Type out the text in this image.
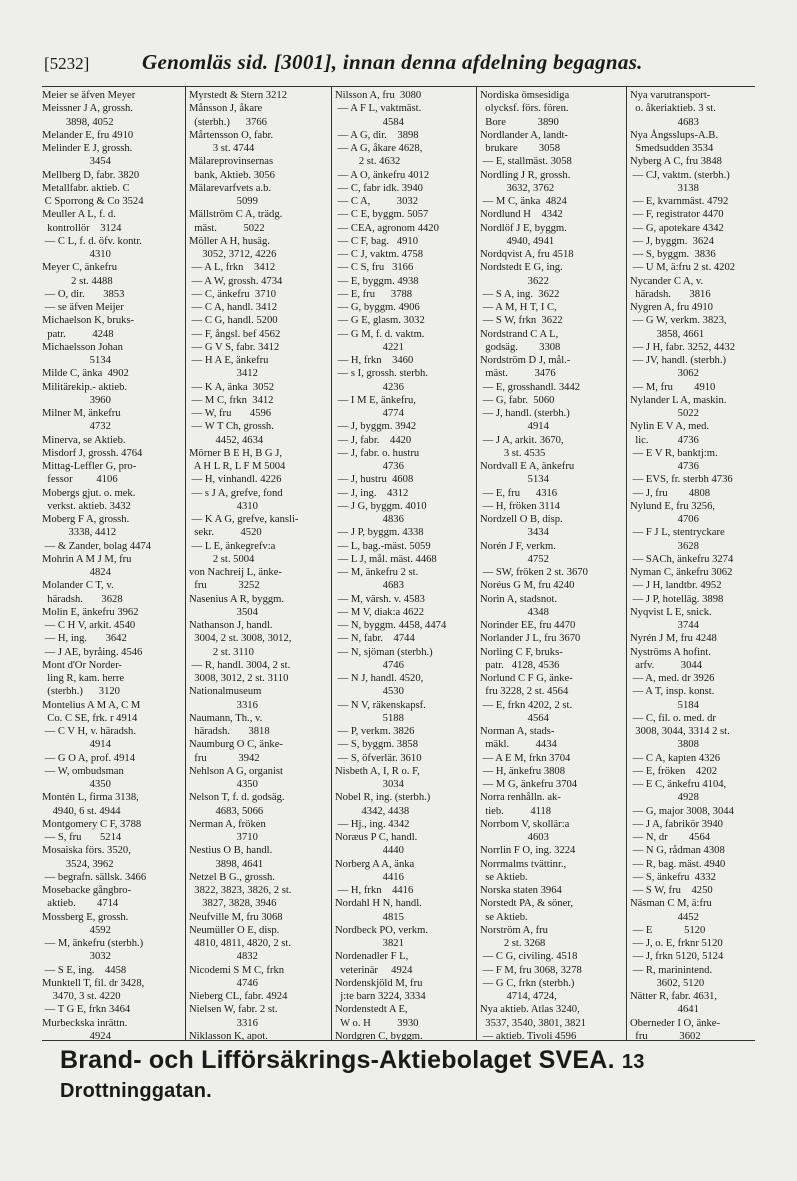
[5232]	Genomläs sid. [3001], innan denna afdelning begagnas.
Meier se äfven Meyer
Meissner J A, grossh.
3898, 4052
Melander E, fru 4910
Melinder E J, grossh.
3454
Mellberg D, fabr. 3820
Metallfabr. aktieb. C
C Sporrong & Co 3524
Meuller A L, f. d.
kontrollör    3124
— C L, f. d. öfv. kontr.
4310
Meyer C, änkefru
2 st. 4488
— O, dir.       3853
— se äfven Meijer
Michaelson K, bruks-
patr.          4248
Michaelsson Johan
5134
Milde C, änka  4902
Militärekip.- aktieb.
3960
Milner M, änkefru
4732
Minerva, se Aktieb.
Misdorf J, grossh. 4764
Mittag-Leffler G, pro-
fessor         4106
Mobergs gjut. o. mek.
verkst. aktieb. 3432
Moberg F A, grossh.
3338, 4412
— & Zander, bolag 4474
Mohrin A M J M, fru
4824
Molander C T, v.
häradsh.       3628
Molin E, änkefru 3962
— C H V, arkit. 4540
— H, ing.       3642
— J AE, byråing. 4546
Mont d'Or Norder-
ling R, kam. herre
(sterbh.)      3120
Montelius A M A, C M
Co. C SE, frk. r 4914
— C V H, v. häradsh.
4914
— G O A, prof. 4914
— W, ombudsman
4350
Montén L, firma 3138,
4940, 6 st. 4944
Montgomery C F, 3788
— S, fru       5214
Mosaiska förs. 3520,
3524, 3962
— begrafn. sällsk. 3466
Mosebacke gångbro-
aktieb.        4714
Mossberg E, grossh.
4592
— M, änkefru (sterbh.)
3032
— S E, ing.    4458
Munktell T, fil. dr 3428,
3470, 3 st. 4220
— T G E, frkn 3464
Murbeckska inrättn.
4924
Myrstedt & Stern 3212
Månsson J, åkare
(sterbh.)      3766
Mårtensson O, fabr.
3 st. 4744
Mälareprovinsernas
bank, Aktieb. 3056
Mälarevarfvets a.b.
5099
Mällström C A, trädg.
mäst.          5022
Möller A H, husäg.
3052, 3712, 4226
— A L, frkn    3412
— A W, grossh. 4734
— C, änkefru  3710
— C A, handl. 3412
— C G, handl. 5200
— F, ångsl. bef 4562
— G V S, fabr. 3412
— H A E, änkefru
3412
— K A, änka  3052
— M C, frkn  3412
— W, fru       4596
— W T Ch, grossh.
4452, 4634
Mörner B E H, B G J,
A H L R, L F M 5004
— H, vinhandl. 4226
— s J A, grefve, fond
4310
— K A G, grefve, kansli-
sekr.          4520
— L E, änkegrefv:a
2 st. 5004
von Nachreij L, änke-
fru            3252
Nasenius A R, byggm.
3504
Nathanson J, handl.
3004, 2 st. 3008, 3012,
2 st. 3110
— R, handl. 3004, 2 st.
3008, 3012, 2 st. 3110
Nationalmuseum
3316
Naumann, Th., v.
häradsh.       3818
Naumburg O C, änke-
fru            3942
Nehlson A G, organist
4350
Nelson T, f. d. godsäg.
4683, 5066
Nerman A, fröken
3710
Nestius O B, handl.
3898, 4641
Netzel B G., grossh.
3822, 3823, 3826, 2 st.
3827, 3828, 3946
Neufville M, fru 3068
Neumüller O E, disp.
4810, 4811, 4820, 2 st.
4832
Nicodemi S M C, frkn
4746
Nieberg CL, fabr. 4924
Nielsen W, fabr. 2 st.
3316
Niklasson K, apot.
Nilsson A, fru  3080
— A F L, vaktmäst.
4584
— A G, dir.    3898
— A G, åkare 4628,
2 st. 4632
— A O, änkefru 4012
— C, fabr idk. 3940
— C A,          3032
— C E, byggm. 5057
— CEA, agronom 4420
— C F, bag.   4910
— C J, vaktm. 4758
— C S, fru   3166
— E, byggm. 4938
— E, fru      3788
— G, byggm. 4906
— G E, glasm. 3032
— G M, f. d. vaktm.
4221
— H, frkn    3460
— s I, grossh. sterbh.
4236
— I M E, änkefru,
4774
— J, byggm. 3942
— J, fabr.    4420
— J, fabr. o. hustru
4736
— J, hustru  4608
— J, ing.    4312
— J G, byggm. 4010
4836
— J P, byggm. 4338
— L, bag.-mäst. 5059
— L J, mål. mäst. 4468
— M, änkefru 2 st.
4683
— M, värsh. v. 4583
— M V, diak:a 4622
— N, byggm. 4458, 4474
— N, fabr.    4744
— N, sjöman (sterbh.)
4746
— N J, handl. 4520,
4530
— N V, räkenskapsf.
5188
— P, verkm. 3826
— S, byggm. 3858
— S, öfverlär. 3610
Nisbeth A, I, R o. F,
3034
Nobel R, ing. (sterbh.)
4342, 4438
— Hj., ing. 4342
Noræus P C, handl.
4440
Norberg A A, änka
4416
— H, frkn    4416
Nordahl H N, handl.
4815
Nordbeck PO, verkm.
3821
Nordenadler F L,
veterinär     4924
Nordenskjöld M, fru
j:te barn 3224, 3334
Nordenstedt A E,
W o. H          3930
Nordgren C, byggm.
Nordiska ömsesidiga
olycksf. förs. fören.
Bore            3890
Nordlander A, landt-
brukare        3058
— E, stallmäst. 3058
Nordling J R, grossh.
3632, 3762
— M C, änka  4824
Nordlund H    4342
Nordlöf J E, byggm.
4940, 4941
Nordqvist A, fru 4518
Nordstedt E G, ing.
3622
— S A, ing.  3622
— A M, H T, I C,
— S W, frkn  3622
Nordstrand C A L,
godsäg.        3308
Nordström D J, mål.-
mäst.          3476
— E, grosshandl. 3442
— G, fabr.  5060
— J, handl. (sterbh.)
4914
— J A, arkit. 3670,
3 st. 4535
Nordvall E A, änkefru
5134
— E, fru      4316
— H, fröken 3114
Nordzell O B, disp.
3434
Norén J F, verkm.
4752
— SW, fröken 2 st. 3670
Noréus G M, fru 4240
Norin A, stadsnot.
4348
Norinder EE, fru 4470
Norlander J L, fru 3670
Norling C F, bruks-
patr.   4128, 4536
Norlund C F G, änke-
fru 3228, 2 st. 4564
— E, frkn 4202, 2 st.
4564
Norman A, stads-
mäkl.          4434
— A E M, frkn 3704
— H, änkefru 3808
— M G, änkefru 3704
Norra renhålln. ak-
tieb.          4118
Norrbom V, skollär:a
4603
Norrlin F O, ing. 3224
Norrmalms tvättinr.,
se Aktieb.
Norska staten 3964
Norstedt PA, & söner,
se Aktieb.
Norström A, fru
2 st. 3268
— C G, civiling. 4518
— F M, fru 3068, 3278
— G C, frkn (sterbh.)
4714, 4724,
Nya aktieb. Atlas 3240,
3537, 3540, 3801, 3821
— aktieb. Tivoli 4596
Nya varutransport-
o. åkeriaktieb. 3 st.
4683
Nya Ångsslups-A.B.
Smedsudden 3534
Nyberg A C, fru 3848
— CJ, vaktm. (sterbh.)
3138
— E, kvarnmäst. 4792
— F, registrator 4470
— G, apotekare 4342
— J, byggm.  3624
— S, byggm.  3836
— U M, ä:fru 2 st. 4202
Nycander C A, v.
häradsh.       3816
Nygren A, fru 4910
— G W, verkm. 3823,
3858, 4661
— J H, fabr. 3252, 4432
— JV, handl. (sterbh.)
3062
— M, fru        4910
Nylander L A, maskin.
5022
Nylin E V A, med.
lic.           4736
— E V R, banktj:m.
4736
— EVS, fr. sterbh 4736
— J, fru        4808
Nylund E, fru 3256,
4706
— F J L, stentryckare
3628
— SACh, änkefru 3274
Nyman C, änkefru 3062
— J H, landtbr. 4952
— J P, hotelläg. 3898
Nyqvist L E, snick.
3744
Nyrén J M, fru 4248
Nyströms A hofint.
arfv.          3044
— A, med. dr 3926
— A T, insp. konst.
5184
— C, fil. o. med. dr
3008, 3044, 3314 2 st.
3808
— C A, kapten 4326
— E, fröken    4202
— E C, änkefru 4104,
4928
— G, major 3008, 3044
— J A, fabrikör 3940
— N, dr        4564
— N G, rådman 4308
— R, bag. mäst. 4940
— S, änkefru  4332
— S W, fru    4250
Näsman C M, ä:fru
4452
— E            5120
— J, o. E, frknr 5120
— J, frkn 5120, 5124
— R, marinintend.
3602, 5120
Nätter R, fabr. 4631,
4641
Oberneder I O, änke-
fru            3602
Brand- och Lifförsäkrings-Aktiebolaget SVEA. 13 Drottninggatan.
